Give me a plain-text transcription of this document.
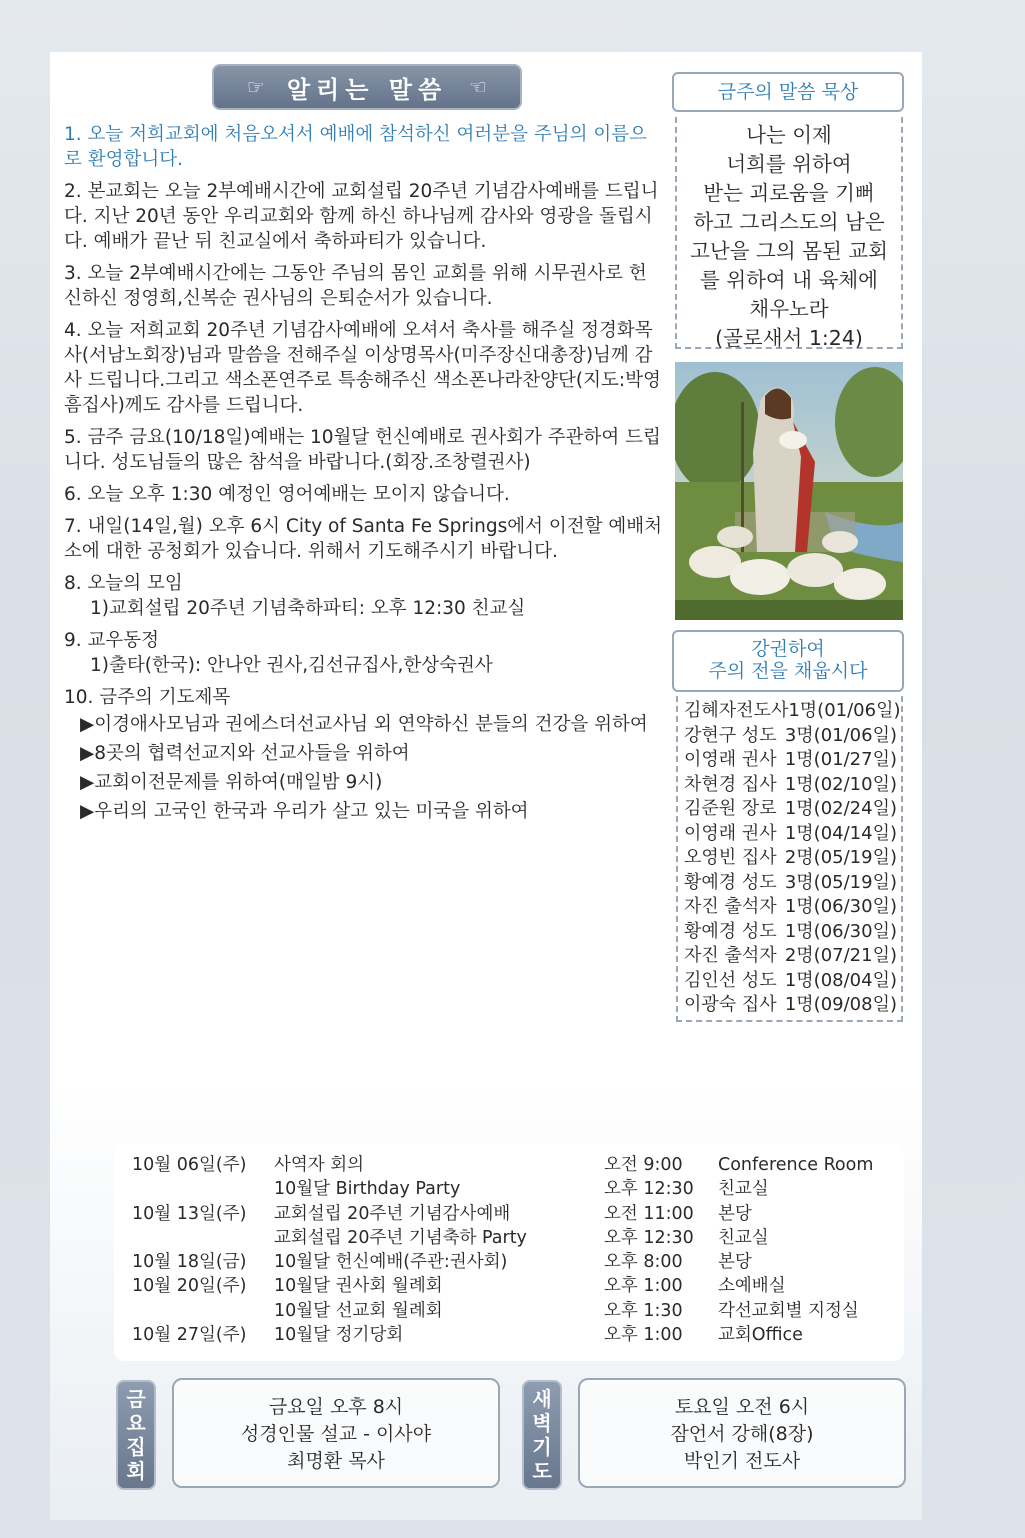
☞ 알리는 말씀 ☜

1. 오늘 저희교회에 처음오셔서 예배에 참석하신 여러분을 주님의 이름으로 환영합니다.

2. 본교회는 오늘 2부예배시간에 교회설립 20주년 기념감사예배를 드립니다. 지난 20년 동안 우리교회와 함께 하신 하나님께 감사와 영광을 돌립시다. 예배가 끝난 뒤 친교실에서 축하파티가 있습니다.

3. 오늘 2부예배시간에는 그동안 주님의 몸인 교회를 위해 시무권사로 헌신하신 정영희,신복순 권사님의 은퇴순서가 있습니다.

4. 오늘 저희교회 20주년 기념감사예배에 오셔서 축사를 해주실 정경화목사(서남노회장)님과 말씀을 전해주실 이상명목사(미주장신대총장)님께 감사 드립니다.그리고 색소폰연주로 특송해주신 색소폰나라찬양단(지도:박영흠집사)께도 감사를 드립니다.

5. 금주 금요(10/18일)예배는 10월달 헌신예배로 권사회가 주관하여 드립니다. 성도님들의 많은 참석을 바랍니다.(회장.조창렬권사)

6. 오늘 오후 1:30 예정인 영어예배는 모이지 않습니다.

7. 내일(14일,월) 오후 6시 City of Santa Fe Springs에서 이전할 예배처소에 대한 공청회가 있습니다. 위해서 기도해주시기 바랍니다.

8. 오늘의 모임

1)교회설립 20주년 기념축하파티: 오후 12:30 친교실

9. 교우동정

1)출타(한국): 안나안 권사,김선규집사,한상숙권사

10. 금주의 기도제목

▶이경애사모님과 권에스더선교사님 외 연약하신 분들의 건강을 위하여

▶8곳의 협력선교지와 선교사들을 위하여

▶교회이전문제를 위하여(매일밤 9시)

▶우리의 고국인 한국과 우리가 살고 있는 미국을 위하여

금주의 말씀 묵상
나는 이제
너희를 위하여
받는 괴로움을 기뻐
하고 그리스도의 남은
고난을 그의 몸된 교회
를 위하여 내 육체에
채우노라
(골로새서 1:24)
강권하여
주의 전을 채웁시다
김혜자전도사 1명(01/06일)
강현구 성도 3명(01/06일)
이영래 권사 1명(01/27일)
차현경 집사 1명(02/10일)
김준원 장로 1명(02/24일)
이영래 권사 1명(04/14일)
오영빈 집사 2명(05/19일)
황예경 성도 3명(05/19일)
자진 출석자 1명(06/30일)
황예경 성도 1명(06/30일)
자진 출석자 2명(07/21일)
김인선 성도 1명(08/04일)
이광숙 집사 1명(09/08일)
10월 06일(주) 사역자 회의	오전 9:00 Conference Room
10월달 Birthday Party	오후 12:30 친교실
10월 13일(주) 교회설립 20주년 기념감사예배	오전 11:00 본당
교회설립 20주년 기념축하 Party	오후 12:30 친교실
10월 18일(금) 10월달 헌신예배(주관:권사회)	오후 8:00 본당
10월 20일(주) 10월달 권사회 월례회	오후 1:00 소예배실
10월달 선교회 월례회	오후 1:30 각선교회별 지정실
10월 27일(주) 10월달 정기당회	오후 1:00 교회Office
금
요
집
회
금요일 오후 8시
성경인물 설교 - 이사야
최명환 목사
새
벽
기
도
토요일 오전 6시
잠언서 강해(8장)
박인기 전도사
